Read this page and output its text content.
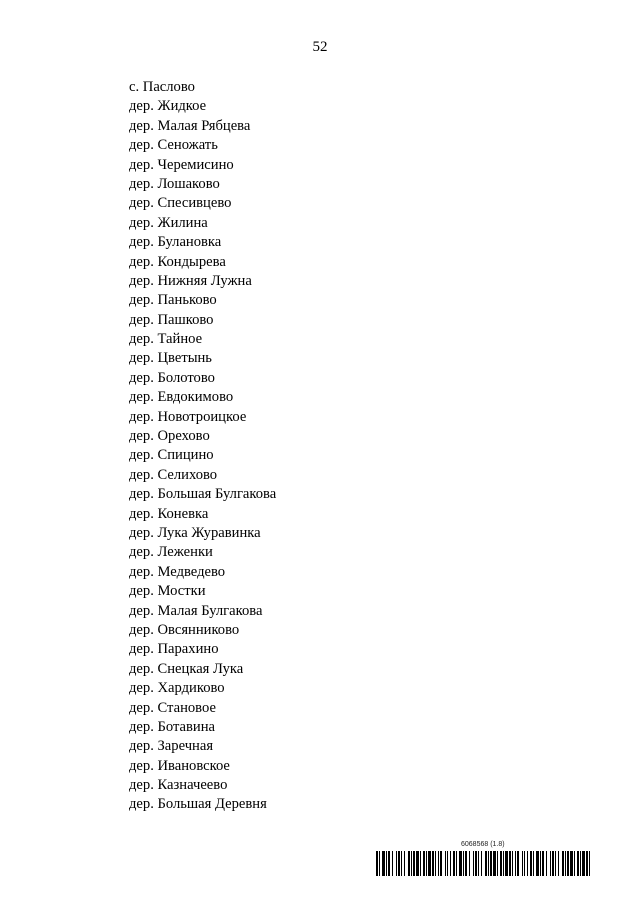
52
с. Паслово
дер. Жидкое
дер. Малая Рябцева
дер. Сеножать
дер. Черемисино
дер. Лошаково
дер. Спесивцево
дер. Жилина
дер. Булановка
дер. Кондырева
дер. Нижняя Лужна
дер. Паньково
дер. Пашково
дер. Тайное
дер. Цветынь
дер. Болотово
дер. Евдокимово
дер. Новотроицкое
дер. Орехово
дер. Спицино
дер. Селихово
дер. Большая Булгакова
дер. Коневка
дер. Лука Журавинка
дер. Леженки
дер. Медведево
дер. Мостки
дер. Малая Булгакова
дер. Овсянниково
дер. Парахино
дер. Снецкая Лука
дер. Хардиково
дер. Становое
дер. Ботавина
дер. Заречная
дер. Ивановское
дер. Казначеево
дер. Большая Деревня
6068568 (1.8)
